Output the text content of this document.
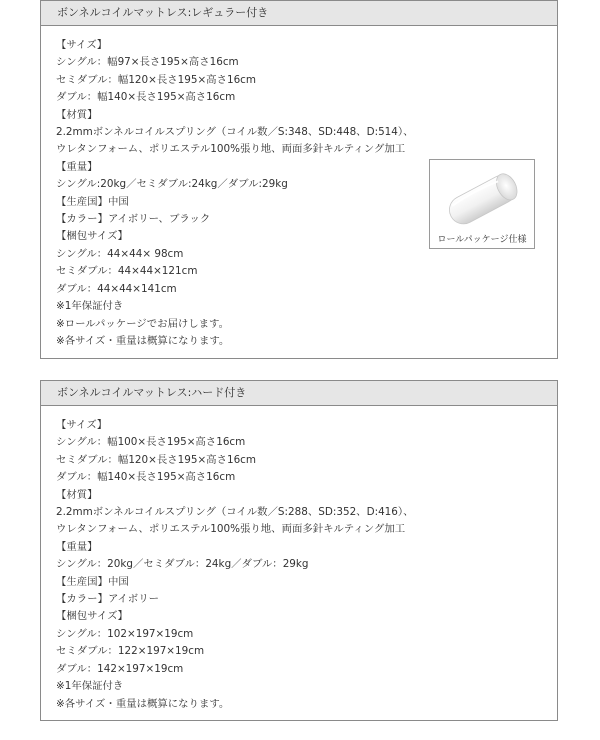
ボンネルコイルマットレス:レギュラー付き
【サイズ】
シングル：幅97×長さ195×高さ16cm
セミダブル：幅120×長さ195×高さ16cm
ダブル：幅140×長さ195×高さ16cm
【材質】
2.2mmボンネルコイルスプリング（コイル数／S:348、SD:448、D:514）、
ウレタンフォーム、ポリエステル100%張り地、両面多針キルティング加工
【重量】
シングル:20kg／セミダブル:24kg／ダブル:29kg
【生産国】中国
【カラー】アイボリー、ブラック
【梱包サイズ】
シングル：44×44× 98cm
セミダブル：44×44×121cm
ダブル：44×44×141cm
※1年保証付き
※ロールパッケージでお届けします。
※各サイズ・重量は概算になります。
ロールパッケージ仕様
ボンネルコイルマットレス:ハード付き
【サイズ】
シングル：幅100×長さ195×高さ16cm
セミダブル：幅120×長さ195×高さ16cm
ダブル：幅140×長さ195×高さ16cm
【材質】
2.2mmボンネルコイルスプリング（コイル数／S:288、SD:352、D:416）、
ウレタンフォーム、ポリエステル100%張り地、両面多針キルティング加工
【重量】
シングル：20kg／セミダブル：24kg／ダブル：29kg
【生産国】中国
【カラー】アイボリー
【梱包サイズ】
シングル：102×197×19cm
セミダブル：122×197×19cm
ダブル：142×197×19cm
※1年保証付き
※各サイズ・重量は概算になります。
